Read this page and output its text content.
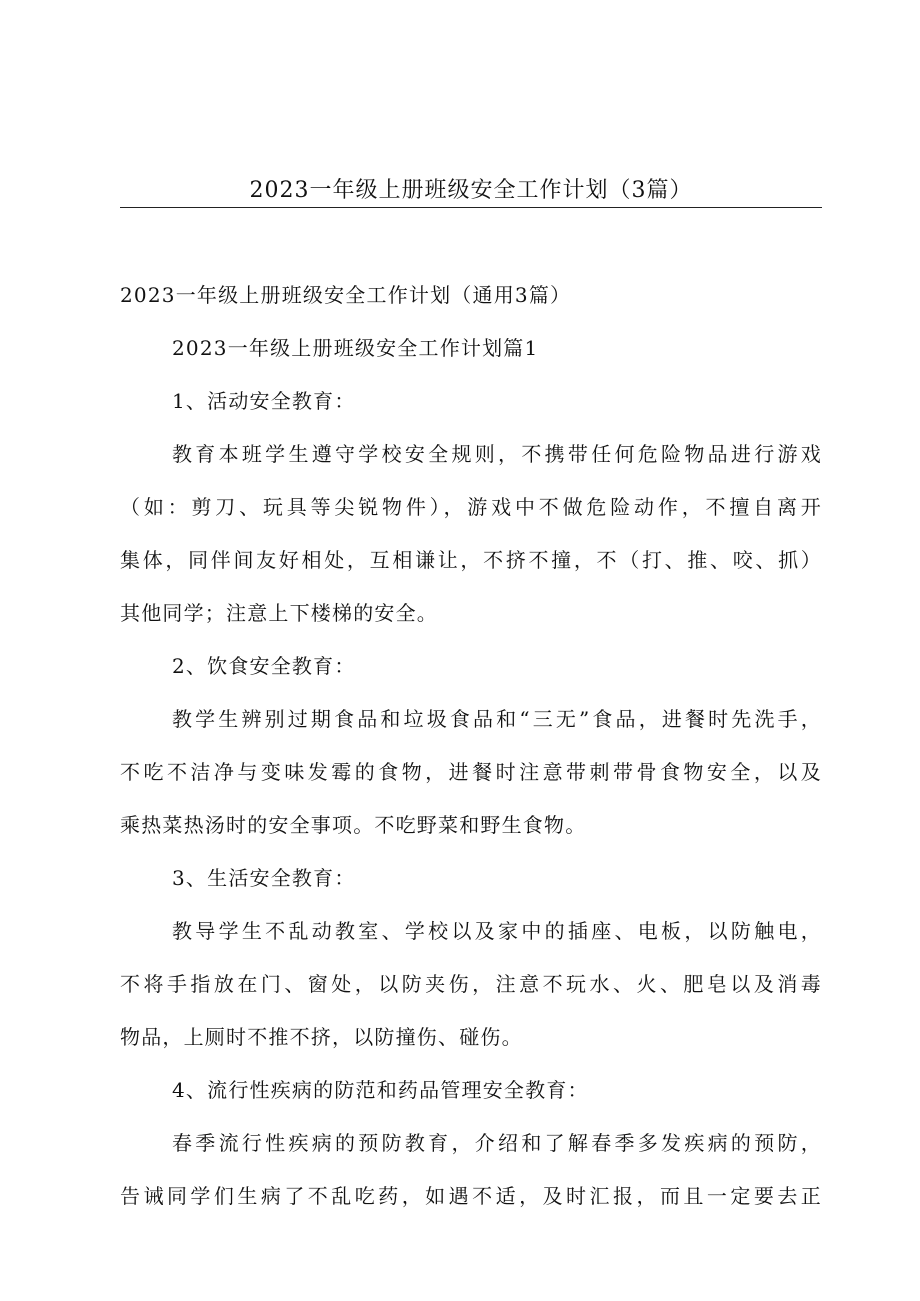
2023一年级上册班级安全工作计划（3篇）
2023一年级上册班级安全工作计划（通用3篇）
2023一年级上册班级安全工作计划篇1
1、活动安全教育：
教育本班学生遵守学校安全规则，不携带任何危险物品进行游戏
（如：剪刀、玩具等尖锐物件），游戏中不做危险动作，不擅自离开
集体，同伴间友好相处，互相谦让，不挤不撞，不（打、推、咬、抓）
其他同学；注意上下楼梯的安全。
2、饮食安全教育：
教学生辨别过期食品和垃圾食品和“三无”食品，进餐时先洗手，
不吃不洁净与变味发霉的食物，进餐时注意带刺带骨食物安全，以及
乘热菜热汤时的安全事项。不吃野菜和野生食物。
3、生活安全教育：
教导学生不乱动教室、学校以及家中的插座、电板，以防触电，
不将手指放在门、窗处，以防夹伤，注意不玩水、火、肥皂以及消毒
物品，上厕时不推不挤，以防撞伤、碰伤。
4、流行性疾病的防范和药品管理安全教育：
春季流行性疾病的预防教育，介绍和了解春季多发疾病的预防，
告诫同学们生病了不乱吃药，如遇不适，及时汇报，而且一定要去正
